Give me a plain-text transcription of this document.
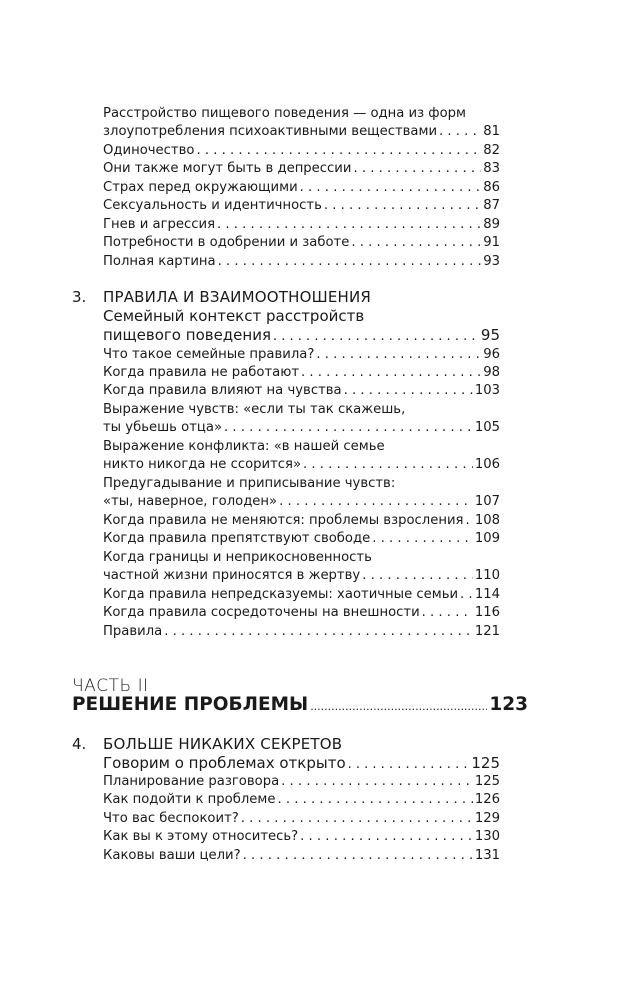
Расстройство пищевого поведения — одна из форм
злоупотребления психоактивными веществами . . .	81
Одиночество . . .	82
Они также могут быть в депрессии . . .	83
Страх перед окружающими . . .	86
Сексуальность и идентичность . . .	87
Гнев и агрессия . . .	89
Потребности в одобрении и заботе . . .	91
Полная картина . . .	93
3. ПРАВИЛА И ВЗАИМООТНОШЕНИЯ
Семейный контекст расстройств
пищевого поведения . . .	95
Что такое семейные правила? . . .	96
Когда правила не работают . . .	98
Когда правила влияют на чувства . . .	103
Выражение чувств: «если ты так скажешь,
ты убьешь отца» . . .	105
Выражение конфликта: «в нашей семье
никто никогда не ссорится» . . .	106
Предугадывание и приписывание чувств:
«ты, наверное, голоден» . . .	107
Когда правила не меняются: проблемы взросления . . . 108
Когда правила препятствуют свободе . . .	109
Когда границы и неприкосновенность
частной жизни приносятся в жертву . . .	110
Когда правила непредсказуемы: хаотичные семьи . . . 114
Когда правила сосредоточены на внешности . . .	116
Правила . . .	121
ЧАСТЬ II
РЕШЕНИЕ ПРОБЛЕМЫ .....	123
4. БОЛЬШЕ НИКАКИХ СЕКРЕТОВ
Говорим о проблемах открыто . . .	125
Планирование разговора . . .	125
Как подойти к проблеме . . .	126
Что вас беспокоит? . . .	129
Как вы к этому относитесь? . . .	130
Каковы ваши цели? . . .	131
